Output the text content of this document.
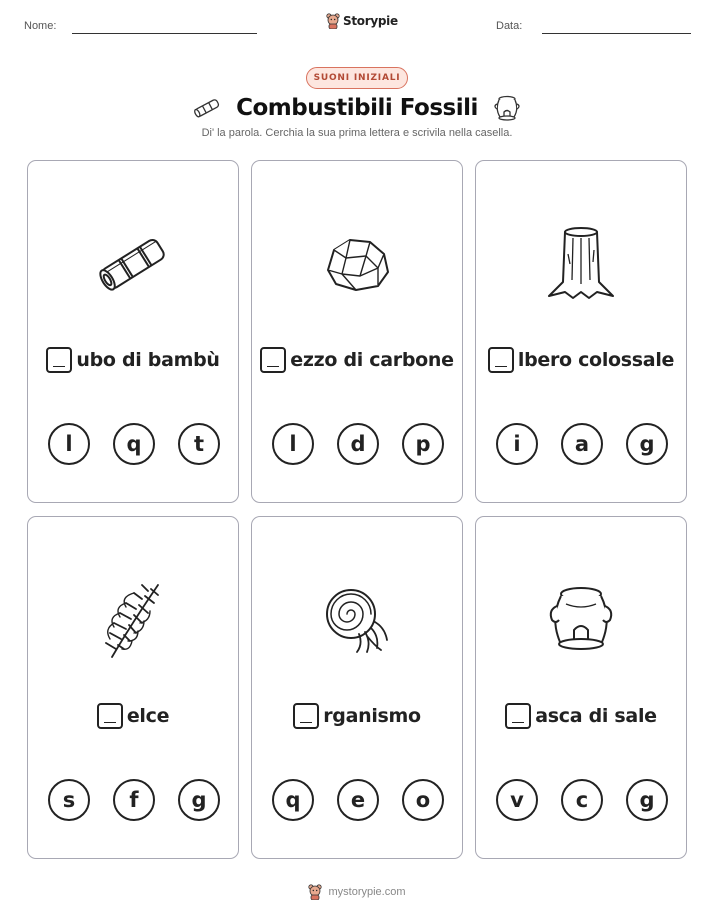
Nome:	Storypie	Data:
SUONI INIZIALI
Combustibili Fossili
Di' la parola. Cerchia la sua prima lettera e scrivila nella casella.
ubo di bambù
l	q	t
ezzo di carbone
l	d	p
lbero colossale
i	a	g
elce
s	f	g
rganismo
q	e	o
asca di sale
v	c	g
mystorypie.com
